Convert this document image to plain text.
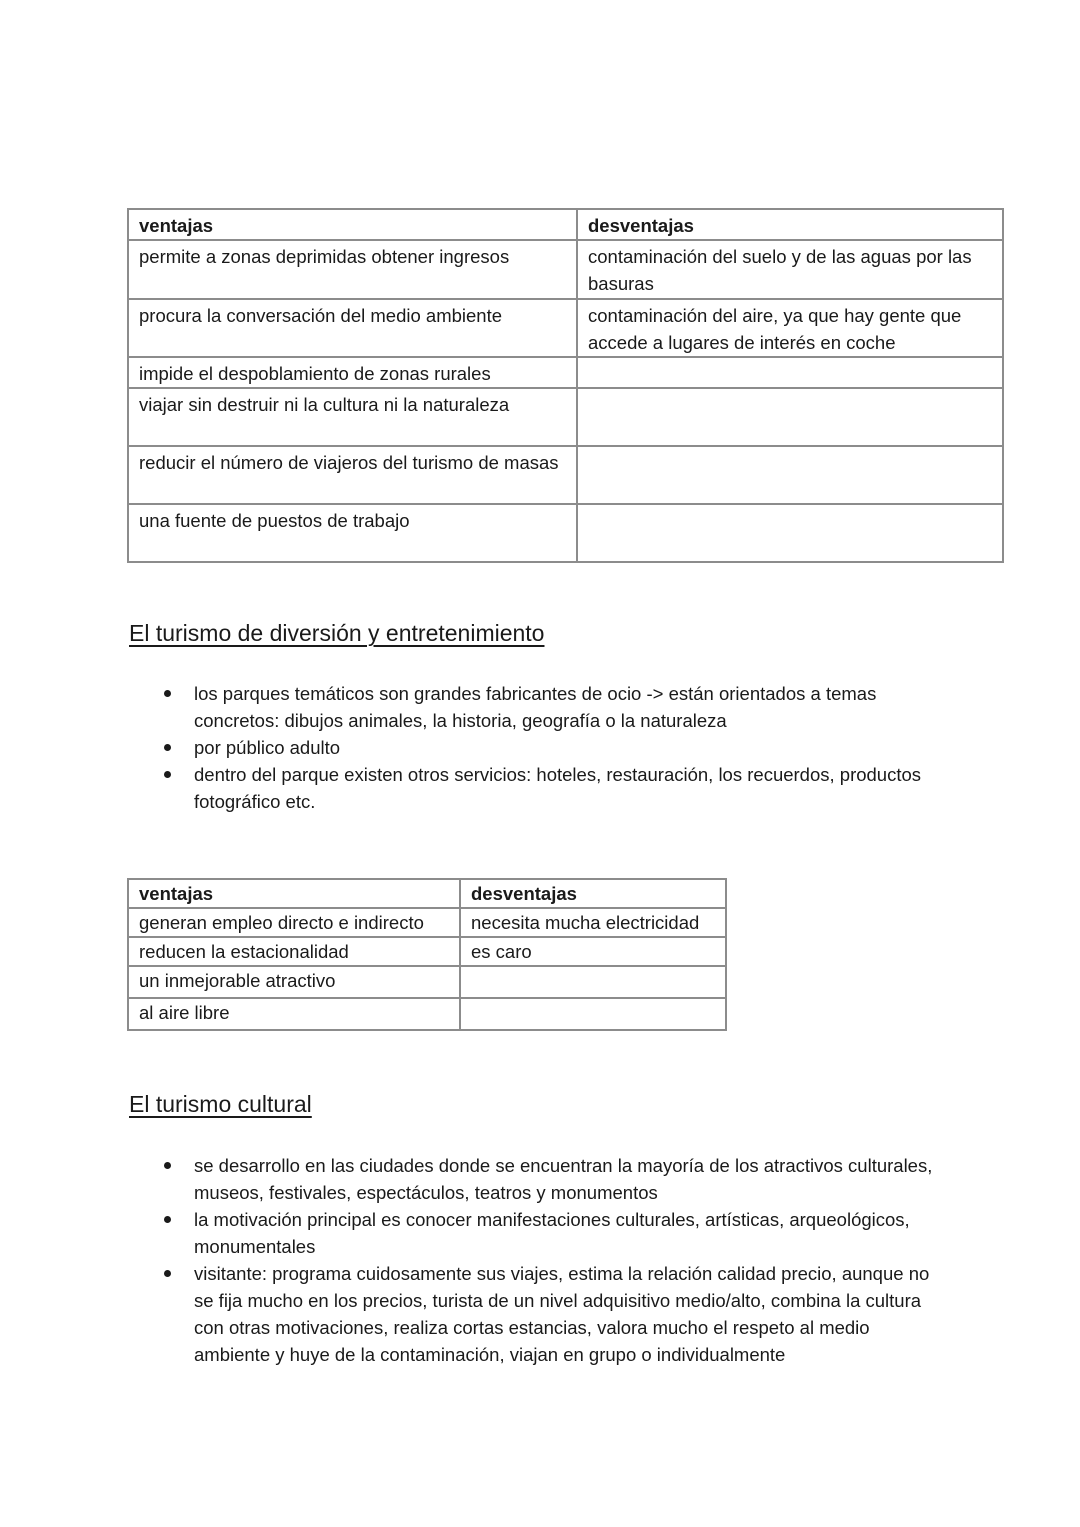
ventajas	desventajas
permite a zonas deprimidas obtener ingresos	contaminación del suelo y de las aguas por las basuras
procura la conversación del medio ambiente	contaminación del aire, ya que hay gente que accede a lugares de interés en coche
impide el despoblamiento de zonas rurales	
viajar sin destruir ni la cultura ni la naturaleza	
reducir el número de viajeros del turismo de masas	
una fuente de puestos de trabajo	
El turismo de diversión y entretenimiento
los parques temáticos son grandes fabricantes de ocio -> están orientados a temas concretos: dibujos animales, la historia, geografía o la naturaleza
por público adulto
dentro del parque existen otros servicios: hoteles, restauración, los recuerdos, productos fotográfico etc.
ventajas	desventajas
generan empleo directo e indirecto	necesita mucha electricidad
reducen la estacionalidad	es caro
un inmejorable atractivo	
al aire libre	
El turismo cultural
se desarrollo en las ciudades donde se encuentran la mayoría de los atractivos culturales, museos, festivales, espectáculos, teatros y monumentos
la motivación principal es conocer manifestaciones culturales, artísticas, arqueológicos, monumentales
visitante: programa cuidosamente sus viajes, estima la relación calidad precio, aunque no se fija mucho en los precios, turista de un nivel adquisitivo medio/alto, combina la cultura con otras motivaciones, realiza cortas estancias, valora mucho el respeto al medio ambiente y huye de la contaminación, viajan en grupo o individualmente
